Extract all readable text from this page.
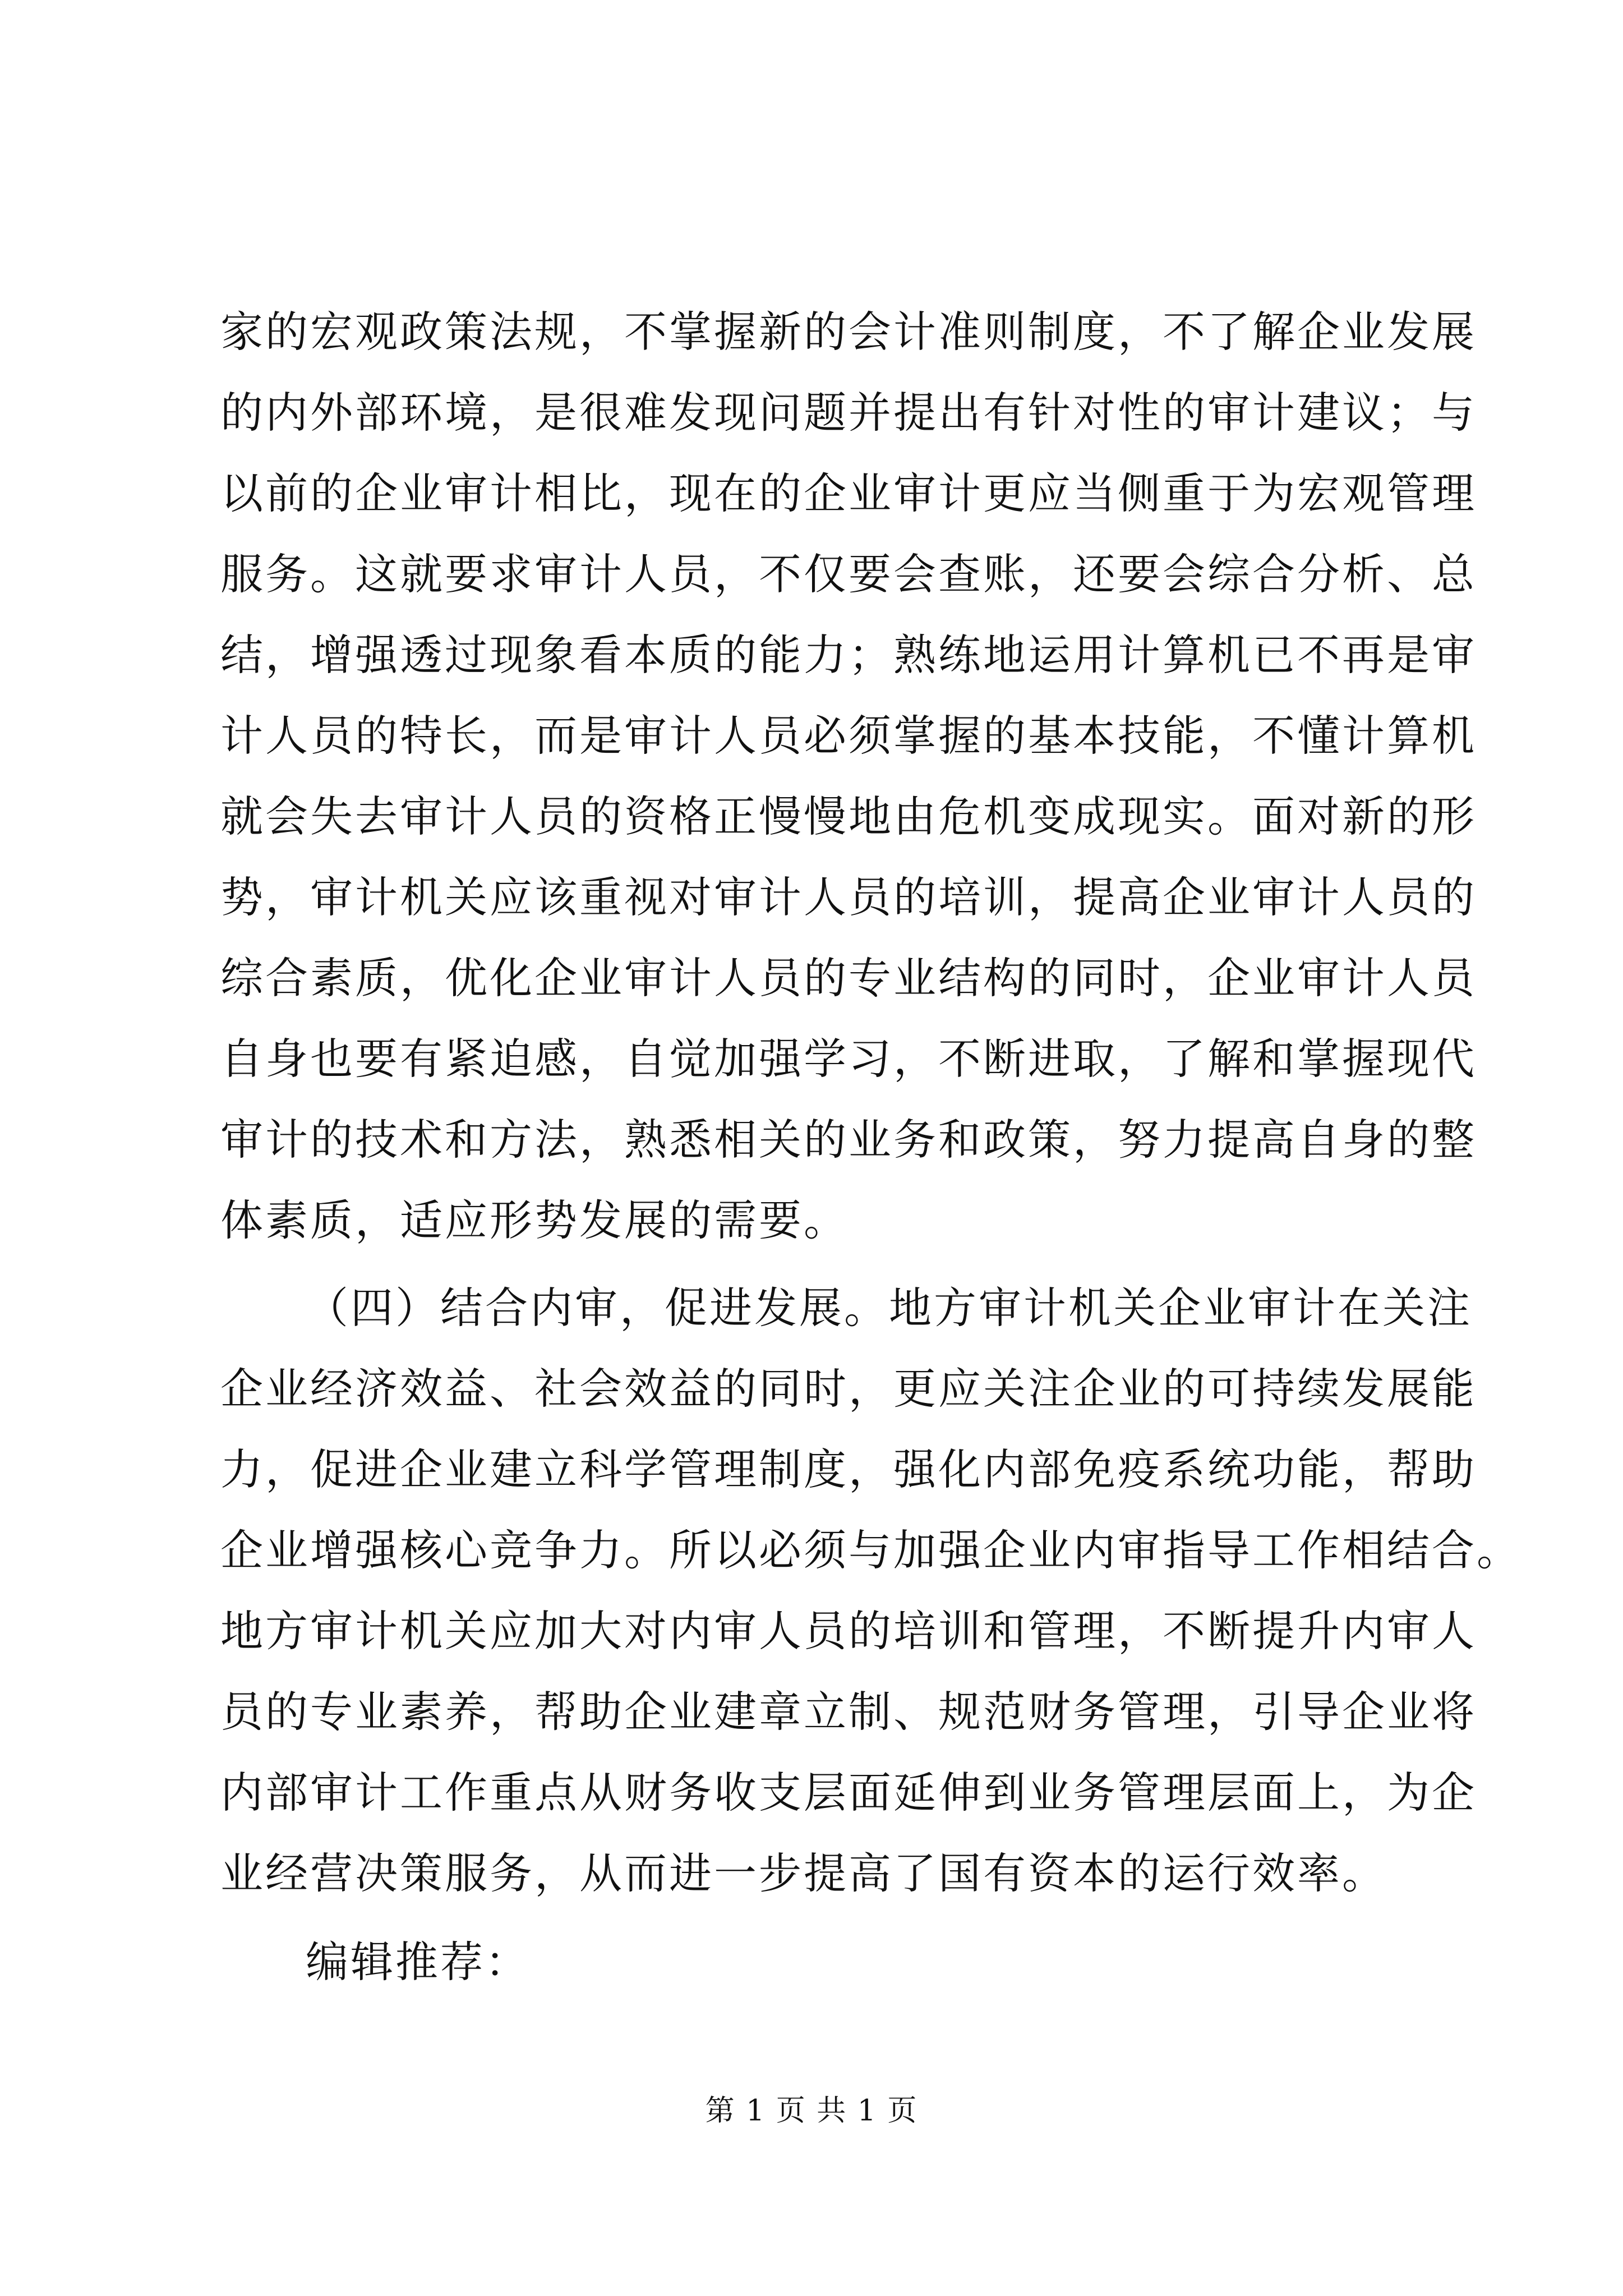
家的宏观政策法规，不掌握新的会计准则制度，不了解企业发展
的内外部环境，是很难发现问题并提出有针对性的审计建议；与
以前的企业审计相比，现在的企业审计更应当侧重于为宏观管理
服务。这就要求审计人员，不仅要会查账，还要会综合分析、总
结，增强透过现象看本质的能力；熟练地运用计算机已不再是审
计人员的特长，而是审计人员必须掌握的基本技能，不懂计算机
就会失去审计人员的资格正慢慢地由危机变成现实。面对新的形
势，审计机关应该重视对审计人员的培训，提高企业审计人员的
综合素质，优化企业审计人员的专业结构的同时，企业审计人员
自身也要有紧迫感，自觉加强学习，不断进取，了解和掌握现代
审计的技术和方法，熟悉相关的业务和政策，努力提高自身的整
体素质，适应形势发展的需要。
（四）结合内审，促进发展。地方审计机关企业审计在关注
企业经济效益、社会效益的同时，更应关注企业的可持续发展能
力，促进企业建立科学管理制度，强化内部免疫系统功能，帮助
企业增强核心竞争力。所以必须与加强企业内审指导工作相结合。
地方审计机关应加大对内审人员的培训和管理，不断提升内审人
员的专业素养，帮助企业建章立制、规范财务管理，引导企业将
内部审计工作重点从财务收支层面延伸到业务管理层面上，为企
业经营决策服务，从而进一步提高了国有资本的运行效率。
编辑推荐：
第 1 页 共 1 页
